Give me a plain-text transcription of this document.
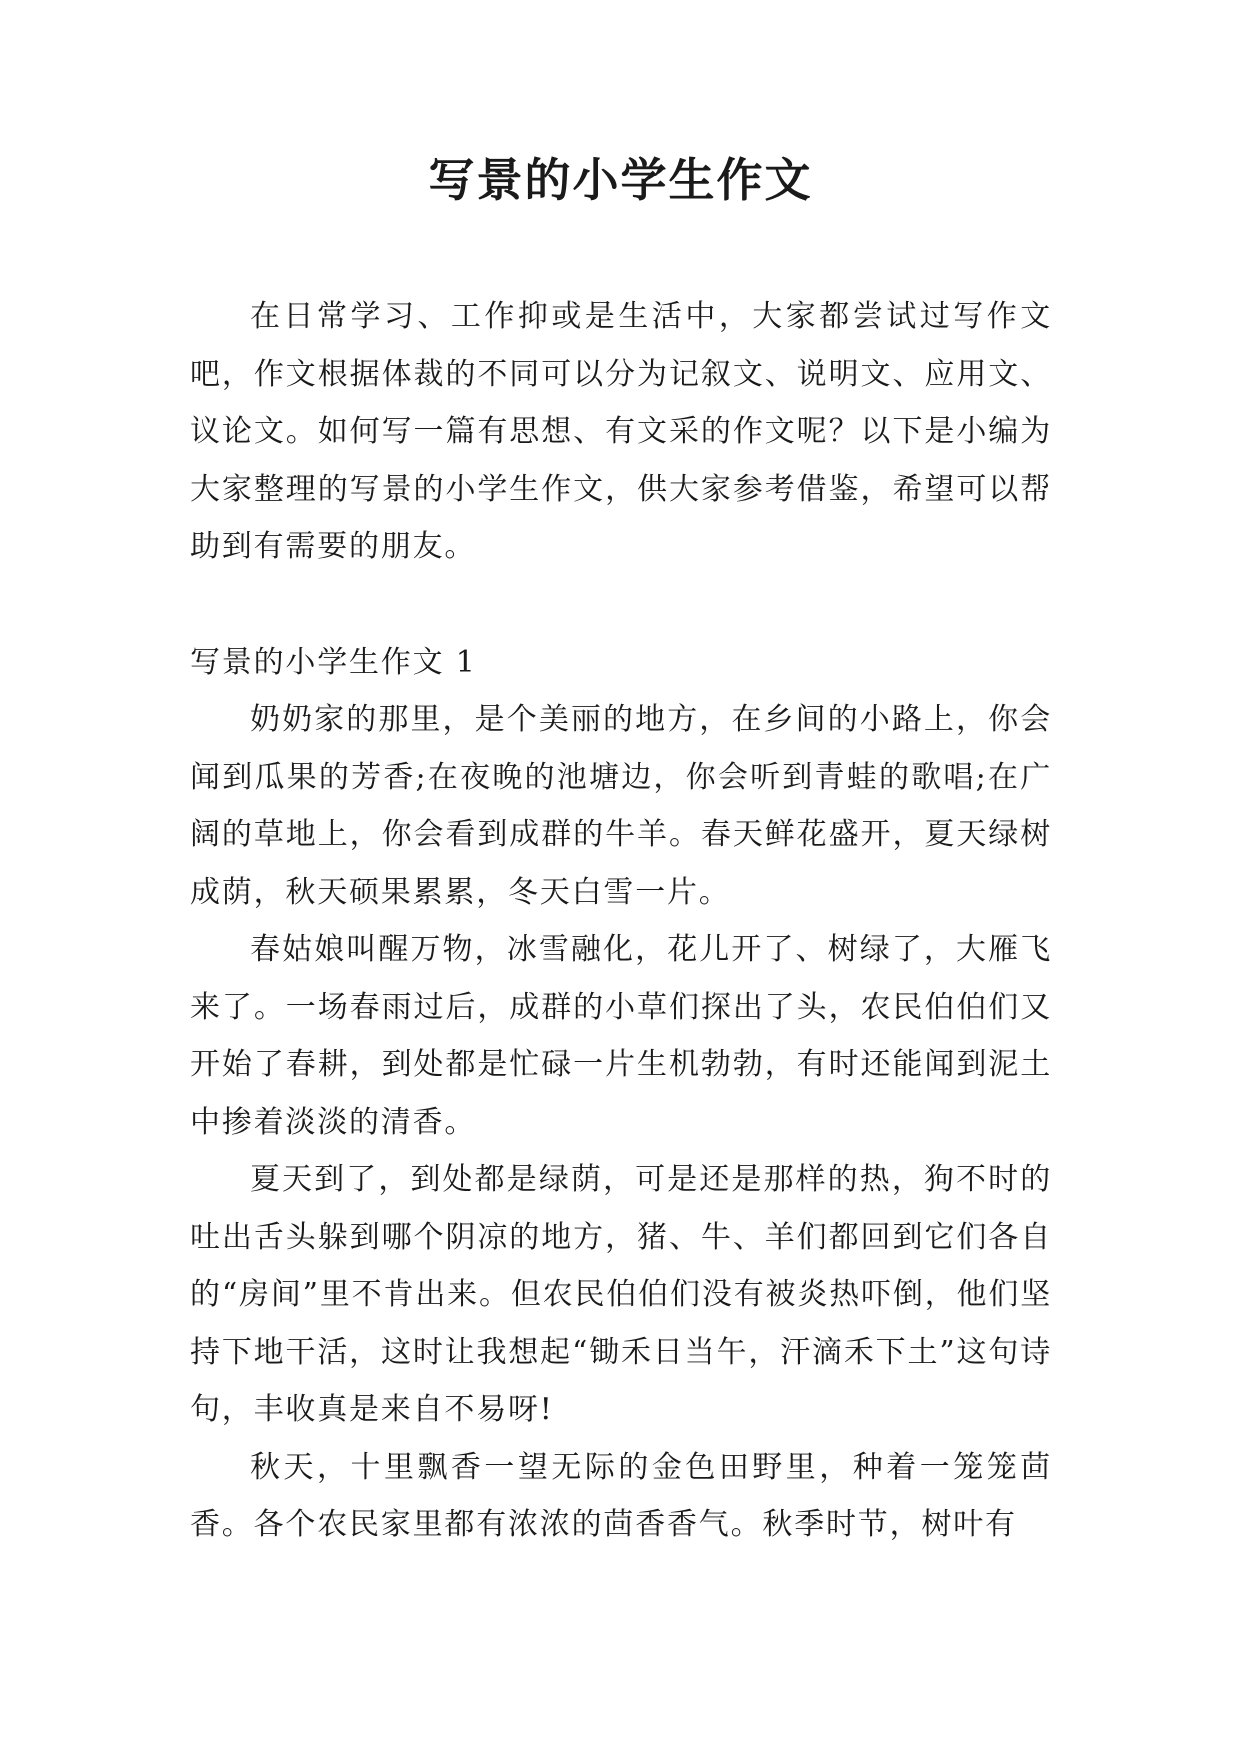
写景的小学生作文

在日常学习、工作抑或是生活中，大家都尝试过写作文吧，作文根据体裁的不同可以分为记叙文、说明文、应用文、议论文。如何写一篇有思想、有文采的作文呢？以下是小编为大家整理的写景的小学生作文，供大家参考借鉴，希望可以帮助到有需要的朋友。

写景的小学生作文 1

奶奶家的那里，是个美丽的地方，在乡间的小路上，你会闻到瓜果的芳香;在夜晚的池塘边，你会听到青蛙的歌唱;在广阔的草地上，你会看到成群的牛羊。春天鲜花盛开，夏天绿树成荫，秋天硕果累累，冬天白雪一片。

春姑娘叫醒万物，冰雪融化，花儿开了、树绿了，大雁飞来了。一场春雨过后，成群的小草们探出了头，农民伯伯们又开始了春耕，到处都是忙碌一片生机勃勃，有时还能闻到泥土中掺着淡淡的清香。

夏天到了，到处都是绿荫，可是还是那样的热，狗不时的吐出舌头躲到哪个阴凉的地方，猪、牛、羊们都回到它们各自的“房间”里不肯出来。但农民伯伯们没有被炎热吓倒，他们坚持下地干活，这时让我想起“锄禾日当午，汗滴禾下土”这句诗句，丰收真是来自不易呀!

秋天，十里飘香一望无际的金色田野里，种着一笼笼茴香。各个农民家里都有浓浓的茴香香气。秋季时节，树叶有
